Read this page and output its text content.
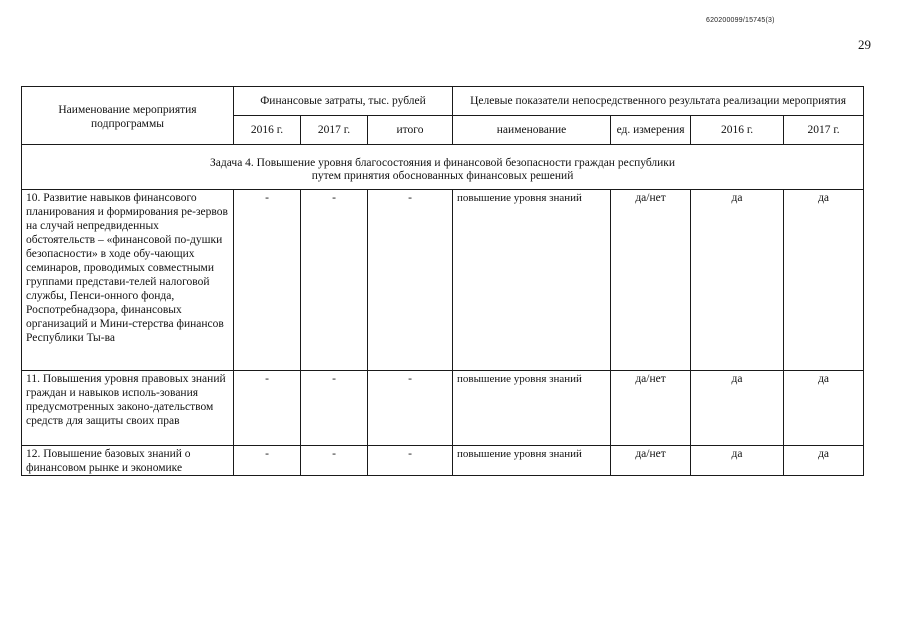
620200099/15745(3)
29
Наименование мероприятия подпрограммы	Финансовые затраты, тыс. рублей			Целевые показатели непосредственного результата реализации мероприятия			
	2016 г.	2017 г.	итого	наименование	ед. измерения	2016 г.	2017 г.

Задача 4. Повышение уровня благосостояния и финансовой безопасности граждан республики
путем принятия обоснованных финансовых решений							

10. Развитие навыков финансового планирования и формирования ре-зервов на случай непредвиденных обстоятельств – «финансовой по-душки безопасности» в ходе обу-чающих семинаров, проводимых совместными группами представи-телей налоговой службы, Пенси-онного фонда, Роспотребнадзора, финансовых организаций и Мини-стерства финансов Республики Ты-ва	-	-	-	повышение уровня знаний	да/нет	да	да
11. Повышения уровня правовых знаний граждан и навыков исполь-зования предусмотренных законо-дательством средств для защиты своих прав	-	-	-	повышение уровня знаний	да/нет	да	да
12. Повышение базовых знаний о финансовом рынке и экономике	-	-	-	повышение уровня знаний	да/нет	да	да
